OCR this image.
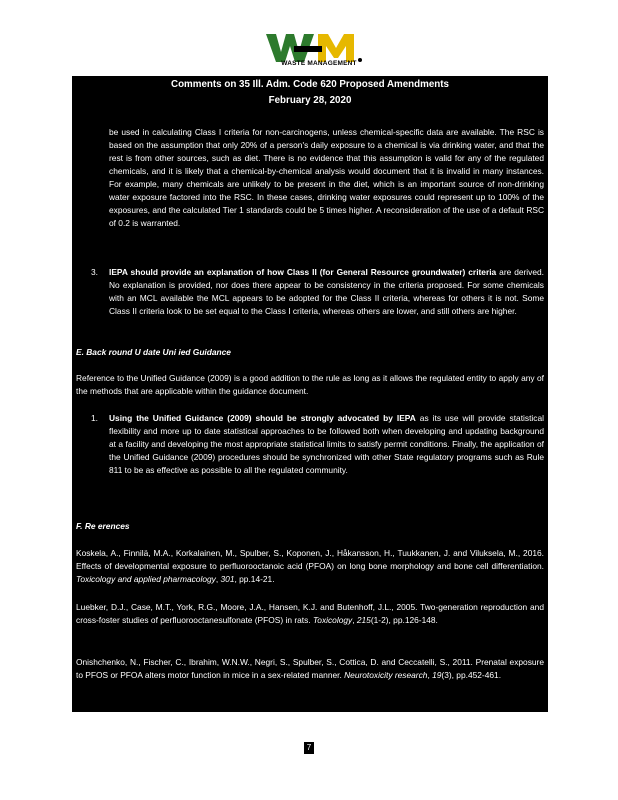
WASTE MANAGEMENT
Comments on 35 Ill. Adm. Code 620 Proposed Amendments
February 28, 2020

be used in calculating Class I criteria for non-carcinogens, unless chemical-specific data are available. The RSC is based on the assumption that only 20% of a person's daily exposure to a chemical is via drinking water, and that the rest is from other sources, such as diet. There is no evidence that this assumption is valid for any of the regulated chemicals, and it is likely that a chemical-by-chemical analysis would document that it is invalid in many instances. For example, many chemicals are unlikely to be present in the diet, which is an important source of non-drinking water exposure factored into the RSC. In these cases, drinking water exposures could represent up to 100% of the exposures, and the calculated Tier 1 standards could be 5 times higher. A reconsideration of the use of a default RSC of 0.2 is warranted.

3. IEPA should provide an explanation of how Class II (for General Resource groundwater) criteria are derived. No explanation is provided, nor does there appear to be consistency in the criteria proposed. For some chemicals with an MCL available the MCL appears to be adopted for the Class II criteria, whereas for others it is not. Some Class II criteria look to be set equal to the Class I criteria, whereas others are lower, and still others are higher.

E. Back round U date Uni ied Guidance

Reference to the Unified Guidance (2009) is a good addition to the rule as long as it allows the regulated entity to apply any of the methods that are applicable within the guidance document.

1. Using the Unified Guidance (2009) should be strongly advocated by IEPA as its use will provide statistical flexibility and more up to date statistical approaches to be followed both when developing and updating background at a facility and developing the most appropriate statistical limits to satisfy permit conditions. Finally, the application of the Unified Guidance (2009) procedures should be synchronized with other State regulatory programs such as Rule 811 to be as effective as possible to all the regulated community.

F. Re erences

Koskela, A., Finnilä, M.A., Korkalainen, M., Spulber, S., Koponen, J., Håkansson, H., Tuukkanen, J. and Viluksela, M., 2016. Effects of developmental exposure to perfluorooctanoic acid (PFOA) on long bone morphology and bone cell differentiation. Toxicology and applied pharmacology, 301, pp.14-21.

Luebker, D.J., Case, M.T., York, R.G., Moore, J.A., Hansen, K.J. and Butenhoff, J.L., 2005. Two-generation reproduction and cross-foster studies of perfluorooctanesulfonate (PFOS) in rats. Toxicology, 215(1-2), pp.126-148.

Onishchenko, N., Fischer, C., Ibrahim, W.N.W., Negri, S., Spulber, S., Cottica, D. and Ceccatelli, S., 2011. Prenatal exposure to PFOS or PFOA alters motor function in mice in a sex-related manner. Neurotoxicity research, 19(3), pp.452-461.

7
